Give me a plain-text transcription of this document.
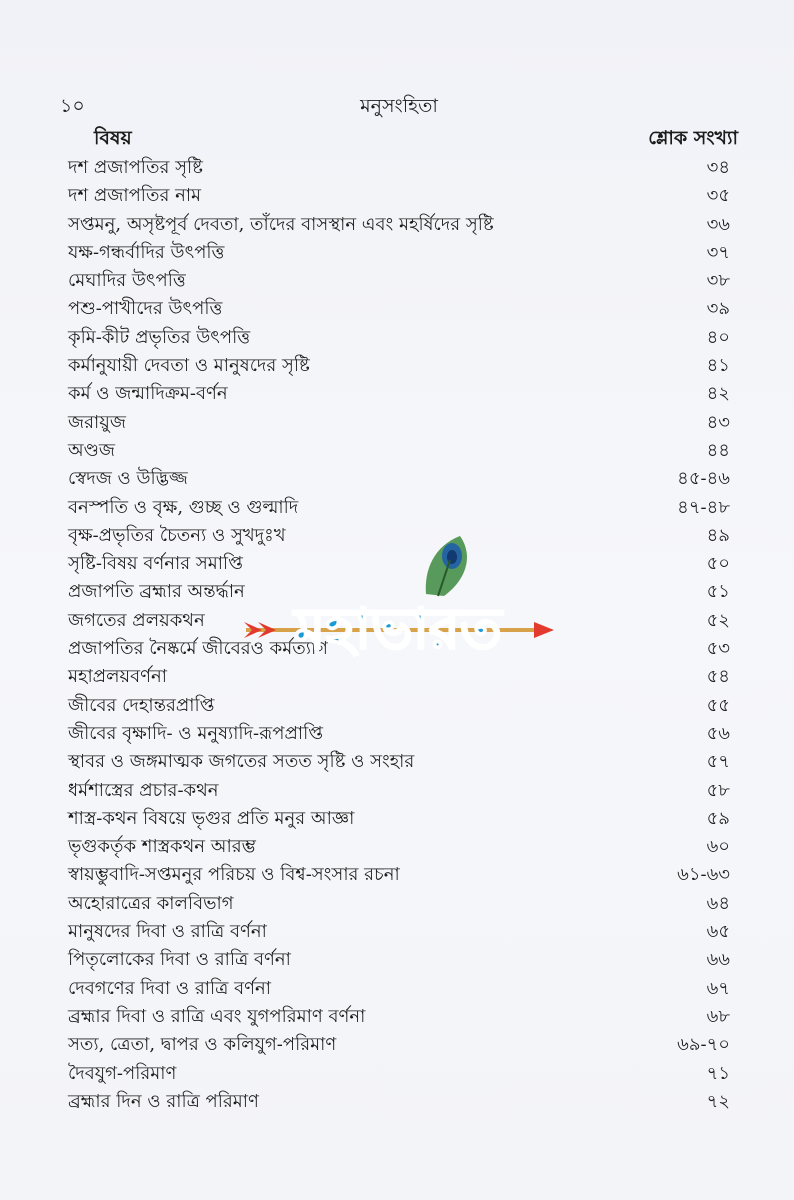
১০	মনুসংহিতা
বিষয়	শ্লোক সংখ্যা
দশ প্রজাপতির সৃষ্টি	৩৪
দশ প্রজাপতির নাম	৩৫
সপ্তমনু, অসৃষ্টপূর্ব দেবতা, তাঁদের বাসস্থান এবং মহর্ষিদের সৃষ্টি	৩৬
যক্ষ-গন্ধর্বাদির উৎপত্তি	৩৭
মেঘাদির উৎপত্তি	৩৮
পশু-পাখীদের উৎপত্তি	৩৯
কৃমি-কীট প্রভৃতির উৎপত্তি	৪০
কর্মানুযায়ী দেবতা ও মানুষদের সৃষ্টি	৪১
কর্ম ও জন্মাদিক্রম-বর্ণন	৪২
জরায়ুজ	৪৩
অণ্ডজ	৪৪
স্বেদজ ও উদ্ভিজ্জ	৪৫-৪৬
বনস্পতি ও বৃক্ষ, গুচ্ছ ও গুল্মাদি	৪৭-৪৮
বৃক্ষ-প্রভৃতির চৈতন্য ও সুখদুঃখ	৪৯
সৃষ্টি-বিষয় বর্ণনার সমাপ্তি	৫০
প্রজাপতি ব্রহ্মার অন্তর্দ্ধান	৫১
জগতের প্রলয়কথন	৫২
প্রজাপতির নৈষ্কর্মে জীবেরও কর্মত্যাগ	৫৩
মহাপ্রলয়বর্ণনা	৫৪
জীবের দেহান্তরপ্রাপ্তি	৫৫
জীবের বৃক্ষাদি- ও মনুষ্যাদি-রূপপ্রাপ্তি	৫৬
স্থাবর ও জঙ্গমাত্মক জগতের সতত সৃষ্টি ও সংহার	৫৭
ধর্মশাস্ত্রের প্রচার-কথন	৫৮
শাস্ত্র-কথন বিষয়ে ভৃগুর প্রতি মনুর আজ্ঞা	৫৯
ভৃগুকর্তৃক শাস্ত্রকথন আরম্ভ	৬০
স্বায়ম্ভুবাদি-সপ্তমনুর পরিচয় ও বিশ্ব-সংসার রচনা	৬১-৬৩
অহোরাত্রের কালবিভাগ	৬৪
মানুষদের দিবা ও রাত্রি বর্ণনা	৬৫
পিতৃলোকের দিবা ও রাত্রি বর্ণনা	৬৬
দেবগণের দিবা ও রাত্রি বর্ণনা	৬৭
ব্রহ্মার দিবা ও রাত্রি এবং যুগপরিমাণ বর্ণনা	৬৮
সত্য, ত্রেতা, দ্বাপর ও কলিযুগ-পরিমাণ	৬৯-৭০
দৈবযুগ-পরিমাণ	৭১
ব্রহ্মার দিন ও রাত্রি পরিমাণ	৭২
মহাভারত
